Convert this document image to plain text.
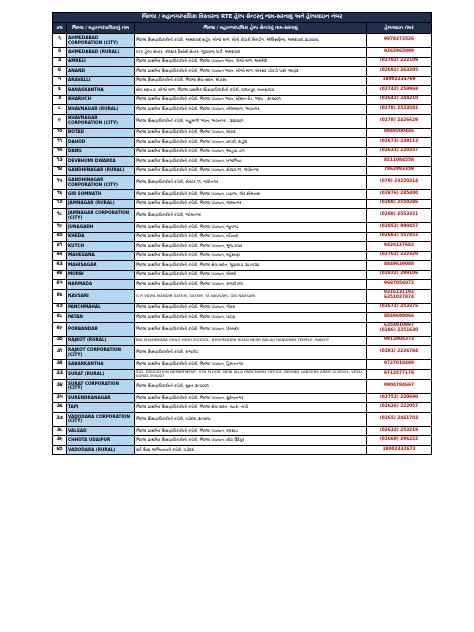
જિલ્લા / મહાનગરપાલિકા વિસ્તારના RTE હેલ્પ સેન્ટરનું નામ-સરનામું અને હેલ્પલાઇન નંબર			
ક્રમ	જિલ્લા / મહાનગરપાલિકાનું નામ	જિલ્લા / મહાનગરપાલિકા હેલ્પ સેન્ટરનું નામ-સરનામું	હેલ્પલાઇન નંબર
૧	AHMEDABAD CORPORATION (CITY)	જિલ્લા શિક્ષણાધિકારીની કચેરી, અમદાવાદ શહેર, બીજો માળ, મોતી કોઠારી બિલ્ડીંગ, એલિસબ્રિજ, અમદાવાદ-૩૮૦૦૦૬	9978272526

૨	AHMEDABAD (RURAL)	RTE હેલ્પ સેન્ટર, ક્લસ્ટર રિસોર્સ સેન્ટર, જીવરાજ પાર્ક, અમદાવાદ	9265965099

૩	AMRELI	જિલ્લા પ્રાથમિક શિક્ષણાધિકારીની કચેરી, જિલ્લા પંચાયત ભવન, ત્રીજો માળ, અમરેલી	(02792) 222109

૪	ANAND	જિલ્લા પ્રાથમિક શિક્ષણાધિકારીની કચેરી, જિલ્લા પંચાયત ભવન, બીજો માળ, બોરસદ ચોકડી પાસે, આણંદ	(02692) 263205

૫	ARAVALLI	જિલ્લા શિક્ષણાધિકારીની કચેરી, જિલ્લા સેવા સદન, મોડાસા	18002234769

૬	BANASKANTHA	સેવા સદન-૨, બીજો માળ, જિલ્લા પ્રાથમિક શિક્ષણાધિકારીની કચેરી, પાલનપુર, બનાસકાંઠા	(02742) 259968

૭	BHARUCH	જિલ્લા પ્રાથમિક શિક્ષણાધિકારીની કચેરી, જિલ્લા પંચાયત ભવન, સ્ટેશન રોડ, ભરૂચ - ૩૯૨૦૦૧	(02642) 244210

૮	BHAVNAGAR (RURAL)	જિલ્લા પ્રાથમિક શિક્ષણાધિકારીની કચેરી, જિલ્લા પંચાયત, નીલમબાગ, ભાવનગર	(0278) 2523582

૯	BHAVNAGAR CORPORATION (CITY)	જિલ્લા શિક્ષણાધિકારીની કચેરી, બહુમાળી ભવન, ભાવનગર - ૩૬૪૦૦૧	(0278) 2426629

૧૦	BOTAD	જિલ્લા પ્રાથમિક શિક્ષણાધિકારીની કચેરી, જિલ્લા પંચાયત, બોટાદ	8849500446

૧૧	DAHOD	જિલ્લા પ્રાથમિક શિક્ષણાધિકારીની કચેરી, જિલ્લા પંચાયત, છાપરી, દાહોદ	(02673) 239113

૧૨	DANG	જિલ્લા પ્રાથમિક શિક્ષણાધિકારીની કચેરી, જિલ્લા પંચાયત, આહવા-ડાંગ	(02631) 220337

૧૩	DEVBHUMI DWARKA	જિલ્લા પ્રાથમિક શિક્ષણાધિકારીની કચેરી, જિલ્લા પંચાયત, ખંભાળિયા	8511084558

૧૪	GANDHINAGAR (RURAL)	જિલ્લા પ્રાથમિક શિક્ષણાધિકારીની કચેરી, જિલ્લા પંચાયત, સેક્ટર-૧૧, ગાંધીનગર	7862993359

૧૫	GANDHINAGAR CORPORATION (CITY)	જિલ્લા શિક્ષણાધિકારીની કચેરી, સેક્ટર-૧૧, ગાંધીનગર	(079) 23220314

૧૬	GIR SOMNATH	જિલ્લા પ્રાથમિક શિક્ષણાધિકારીની કચેરી, જિલ્લા પંચાયત, ઇણાજ, ગીર સોમનાથ	(02876) 285400

૧૭	JAMNAGAR (RURAL)	જિલ્લા પ્રાથમિક શિક્ષણાધિકારીની કચેરી, જિલ્લા પંચાયત, જામનગર	(0288) 2550286

૧૮	JAMNAGAR CORPORATION (CITY)	જિલ્લા શિક્ષણાધિકારીની કચેરી, જામનગર	(0288) 2553321

૧૯	JUNAGADH	જિલ્લા પ્રાથમિક શિક્ષણાધિકારીની કચેરી, જિલ્લા પંચાયત, જૂનાગઢ	(02852) 990457

૨૦	KHEDA	જિલ્લા પ્રાથમિક શિક્ષણાધિકારીની કચેરી, જિલ્લા પંચાયત, નડિયાદ	(02682) 557452

૨૧	KUTCH	જિલ્લા પ્રાથમિક શિક્ષણાધિકારીની કચેરી, જિલ્લા પંચાયત, ભુજ-કચ્છ	9426127682

૨૨	MAHESANA	જિલ્લા પ્રાથમિક શિક્ષણાધિકારીની કચેરી, જિલ્લા પંચાયત, મહેસાણા	(02762) 222320

૨૩	MAHISAGAR	જિલ્લા પ્રાથમિક શિક્ષણાધિકારીની કચેરી, જિલ્લા સેવા સદન, લુણાવાડા-૩૮૯૨૩૦	8849639088

૨૪	MORBI	જિલ્લા પ્રાથમિક શિક્ષણાધિકારીની કચેરી, જિલ્લા પંચાયત, મોરબી	(02822) 299106

૨૫	NARMADA	જિલ્લા પ્રાથમિક શિક્ષણાધિકારીની કચેરી, જિલ્લા પંચાયત, રાજપીપળા	9687056072

૨૬	NAVSARI	G R VIDYA MANDIR SATEM, SATEM, TA NAVSARI, DIS NAVSARI	9316131192
6351027874

૨૭	PANCHMAHAL	જિલ્લા પ્રાથમિક શિક્ષણાધિકારીની કચેરી, જિલ્લા પંચાયત, ગોધરા	(02672) 253376

૨૮	PATAN	જિલ્લા પ્રાથમિક શિક્ષણાધિકારીની કચેરી, જિલ્લા પંચાયત, પાટણ	8849698066

૨૯	PORBANDAR	જિલ્લા પ્રાથમિક શિક્ષણાધિકારીની કચેરી, જિલ્લા પંચાયત, પોરબંદર	6354910997
(0286) 2251630

૩૦	RAJKOT (RURAL)	BAI SHAHEBABA GIRLS HIGH SCHOOL, BHUPENDRA ROAD NEAR BALAJI HANUMAN TEMPLE, RAJKOT	9913806373

૩૧	RAJKOT CORPORATION (CITY)	જિલ્લા શિક્ષણાધિકારીની કચેરી, રાજકોટ	(0281) 2226784

૩૨	SABARKANTHA	જિલ્લા પ્રાથમિક શિક્ષણાધિકારીની કચેરી, જિલ્લા પંચાયત, હિંમતનગર	9727018489

૩૩	SURAT (RURAL)	502, EDUCATION DEPARTMENT, 5TH FLOOR, NEW JILLA PANCHAYAT OFFICE, BEHIND LANCERS ARMY SCHOOL, VESU, SURAT-395007	9712577178

૩૪	SURAT CORPORATION (CITY)	જિલ્લા શિક્ષણાધિકારીની કચેરી, સુરત-૩૯૫૦૦૧	9904784667

૩૫	SURENDRANAGAR	જિલ્લા પ્રાથમિક શિક્ષણાધિકારીની કચેરી, જિલ્લા પંચાયત, સુરેન્દ્રનગર	(02752) 220690

૩૬	TAPI	જિલ્લા પ્રાથમિક શિક્ષણાધિકારીની કચેરી, જિલ્લા સેવા સદન, વ્યારા, તાપી	(02626) 222057

૩૭	VADODARA CORPORATION (CITY)	જિલ્લા શિક્ષણાધિકારીની કચેરી, વડોદરા-૩૯૦૦૧૮	(0265) 2461703

૩૮	VALSAD	જિલ્લા પ્રાથમિક શિક્ષણાધિકારીની કચેરી, જિલ્લા પંચાયત, વલસાડ	(02632) 253219

૩૯	CHHOTA UDAIPUR	જિલ્લા પ્રાથમિક શિક્ષણાધિકારીની કચેરી, જિલ્લા પંચાયત, છોટા ઉદેપુર	(02669) 296222

૪૦	VADODARA (RURAL)	સર્વ શિક્ષા અભિયાનની કચેરી, વડોદરા	18002332673
